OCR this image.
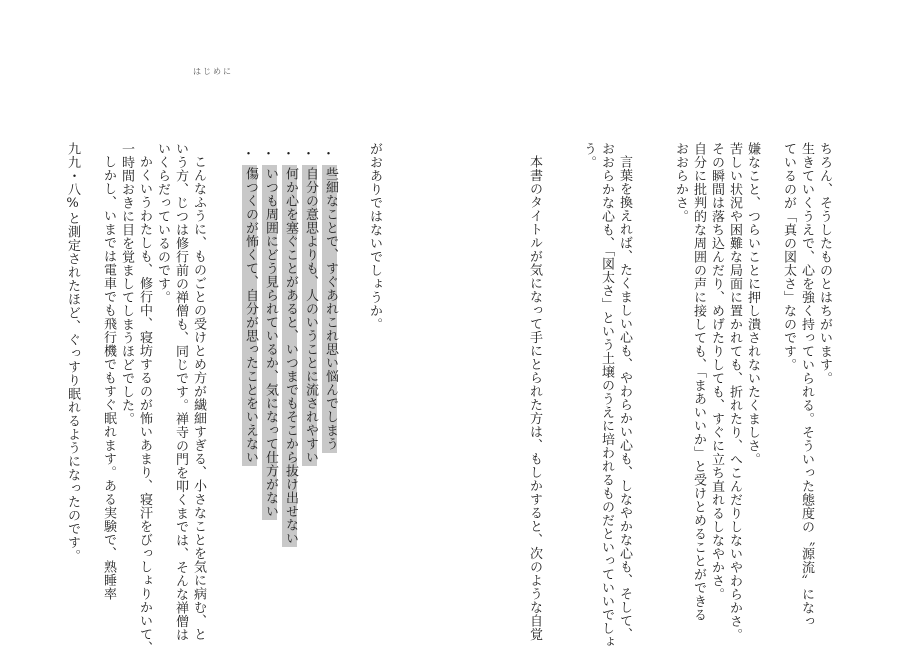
ちろん、そうしたものとはちがいます。
生きていくうえで、心を強く持っていられる。そういった態度の〝源流〟になっ
ているのが「真の図太さ」なのです。
嫌なこと、つらいことに押し潰されないたくましさ。
苦しい状況や困難な局面に置かれても、折れたり、へこんだりしないやわらかさ。
その瞬間は落ち込んだり、めげたりしても、すぐに立ち直れるしなやかさ。
自分に批判的な周囲の声に接しても、「まあいいか」と受けとめることができる
おおらかさ。
言葉を換えれば、たくましい心も、やわらかい心も、しなやかな心も、そして、
おおらかな心も、「図太さ」という土壌のうえに培われるものだといっていいでしょ
う。
本書のタイトルが気になって手にとられた方は、もしかすると、次のような自覚
はじめに
がおありではないでしょうか。
・
些細なことで、すぐあれこれ思い悩んでしまう
・
自分の意思よりも、人のいうことに流されやすい
・
何か心を塞ぐことがあると、いつまでもそこから抜け出せない
・
いつも周囲にどう見られているか、気になって仕方がない
・
傷つくのが怖くて、自分が思ったことをいえない
こんなふうに、ものごとの受けとめ方が繊細すぎる、小さなことを気に病む、と
いう方、じつは修行前の禅僧も、同じです。禅寺の門を叩くまでは、そんな禅僧は
いくらだっているのです。
かくいうわたしも、修行中、寝坊するのが怖いあまり、寝汗をびっしょりかいて、
一時間おきに目を覚ましてしまうほどでした。
しかし、いまでは電車でも飛行機でもすぐ眠れます。ある実験で、熟睡率
九九・八%と測定されたほど、ぐっすり眠れるようになったのです。
